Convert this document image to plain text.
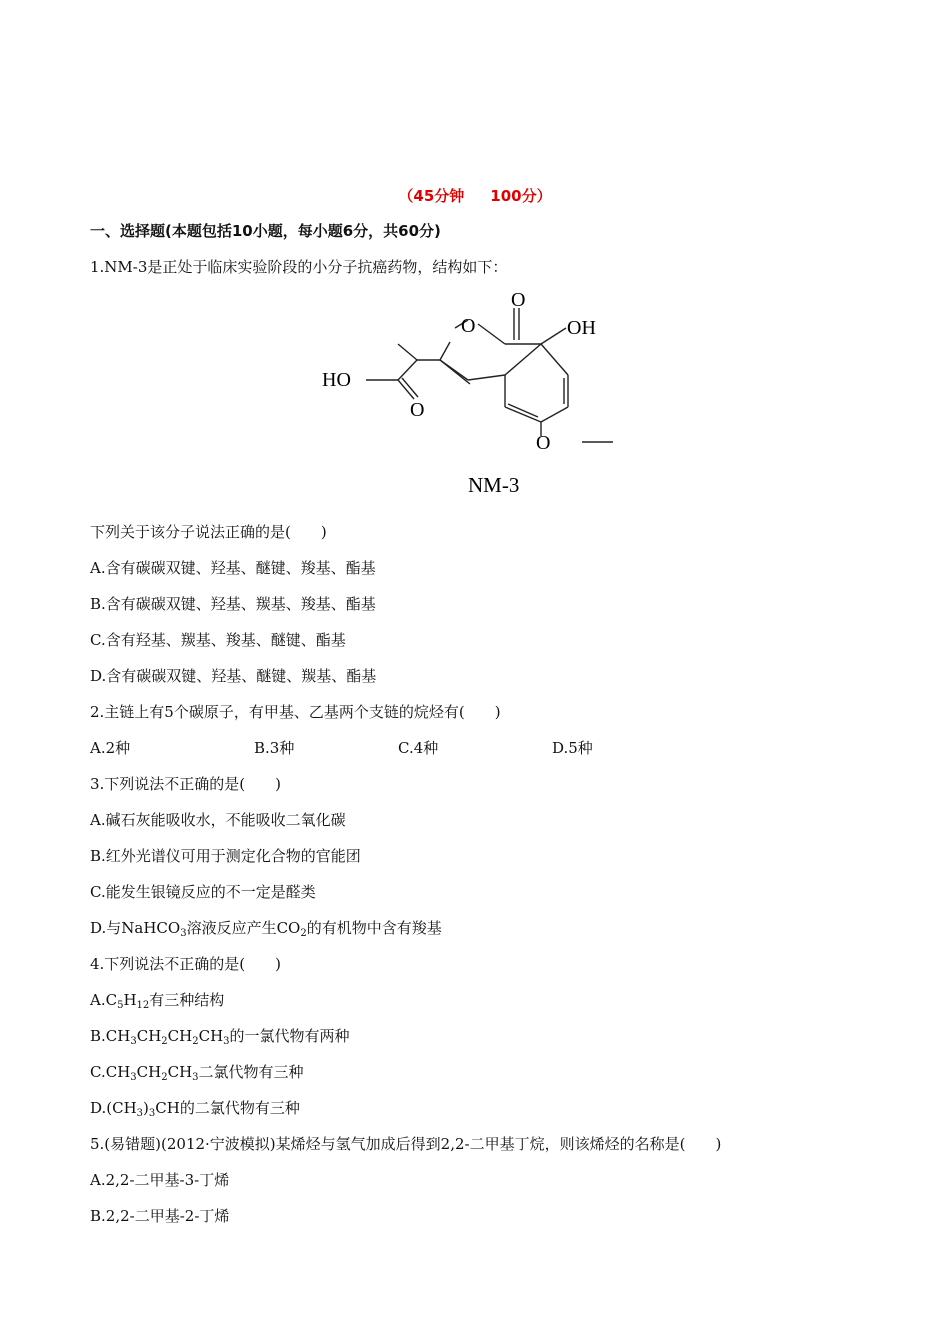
（45分钟 100分）
一、选择题(本题包括10小题，每小题6分，共60分)
1.NM-3是正处于临床实验阶段的小分子抗癌药物，结构如下：
O
OH
O
HO
O
O
NM-3
下列关于该分子说法正确的是(　　)
A.含有碳碳双键、羟基、醚键、羧基、酯基
B.含有碳碳双键、羟基、羰基、羧基、酯基
C.含有羟基、羰基、羧基、醚键、酯基
D.含有碳碳双键、羟基、醚键、羰基、酯基
2.主链上有5个碳原子，有甲基、乙基两个支链的烷烃有(　　)
A.2种	B.3种	C.4种	D.5种
3.下列说法不正确的是(　　)
A.碱石灰能吸收水，不能吸收二氧化碳
B.红外光谱仪可用于测定化合物的官能团
C.能发生银镜反应的不一定是醛类
D.与NaHCO$_3$溶液反应产生$CO_2$的有机物中含有羧基
4.下列说法不正确的是(　　)
$A.C_5H_{12}$有三种结构
$B.CH_3CH_2CH_2CH_3$的一氯代物有两种
$C.CH_3CH_2CH_3$二氯代物有三种
$D.(CH_3)_3CH$的二氯代物有三种
5.(易错题)(2012·宁波模拟)某烯烃与氢气加成后得到2,2-二甲基丁烷，则该烯烃的名称是(　　)
A.2,2-二甲基-3-丁烯
B.2,2-二甲基-2-丁烯
